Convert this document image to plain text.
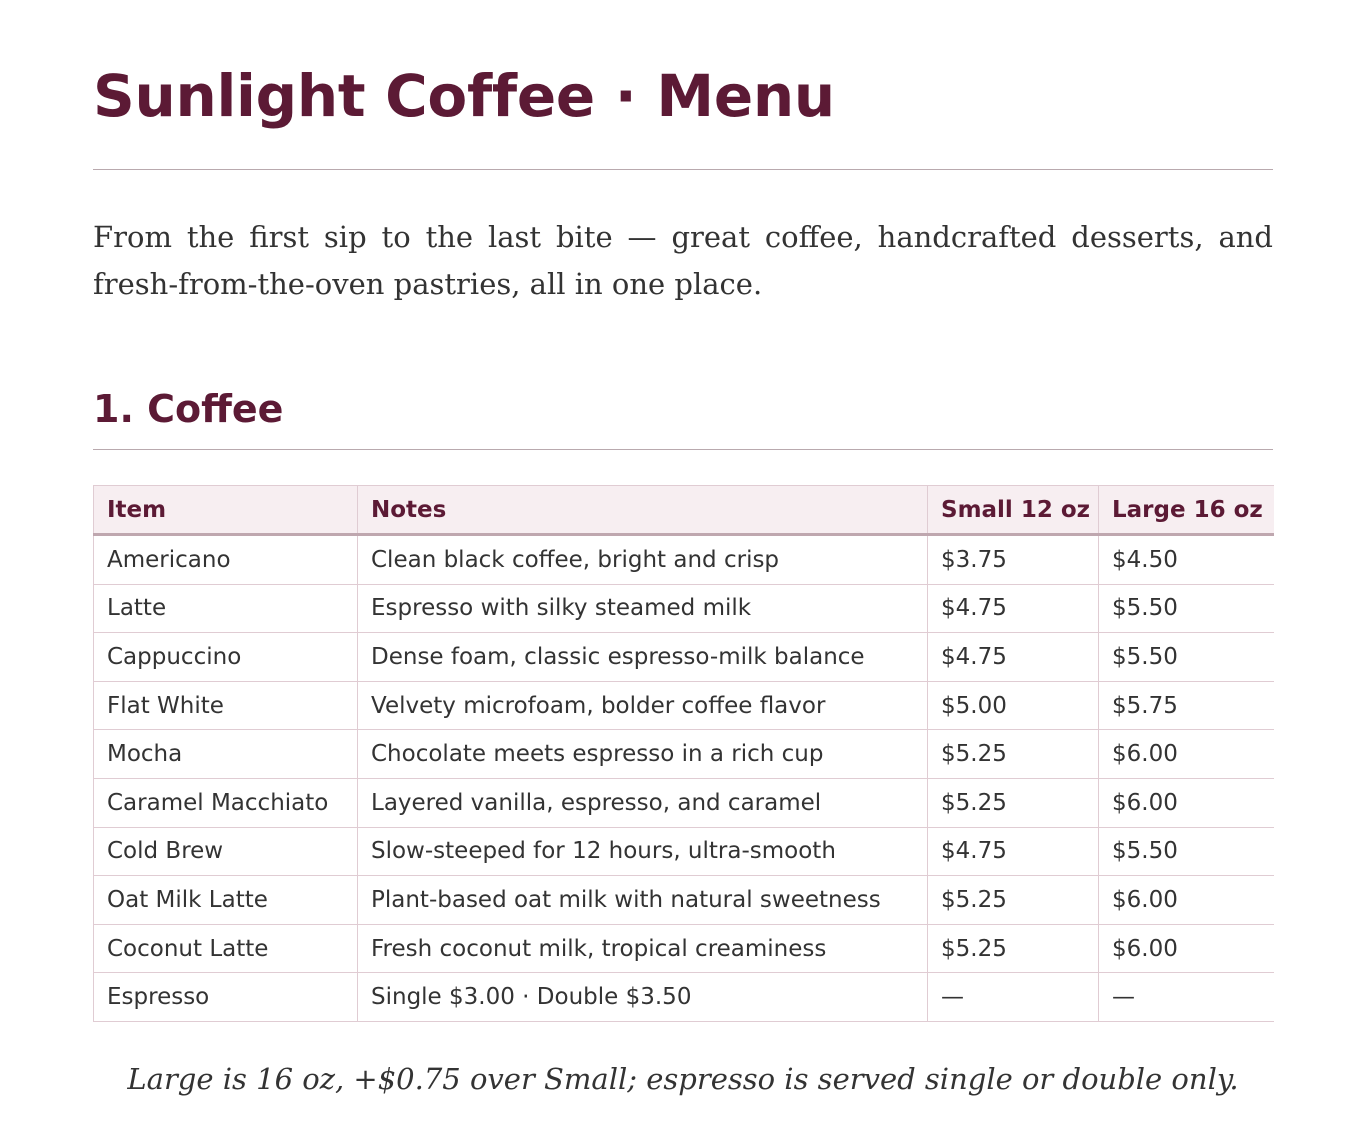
Sunlight Coffee · Menu

From the first sip to the last bite — great coffee, handcrafted desserts, and fresh-from-the-oven pastries, all in one place.

1. Coffee
Item	Notes	Small 12 oz	Large 16 oz
Americano	Clean black coffee, bright and crisp	$3.75	$4.50
Latte	Espresso with silky steamed milk	$4.75	$5.50
Cappuccino	Dense foam, classic espresso-milk balance	$4.75	$5.50
Flat White	Velvety microfoam, bolder coffee flavor	$5.00	$5.75
Mocha	Chocolate meets espresso in a rich cup	$5.25	$6.00
Caramel Macchiato	Layered vanilla, espresso, and caramel	$5.25	$6.00
Cold Brew	Slow-steeped for 12 hours, ultra-smooth	$4.75	$5.50
Oat Milk Latte	Plant-based oat milk with natural sweetness	$5.25	$6.00
Coconut Latte	Fresh coconut milk, tropical creaminess	$5.25	$6.00
Espresso	Single $3.00 · Double $3.50	—	—

Large is 16 oz, +$0.75 over Small; espresso is served single or double only.
